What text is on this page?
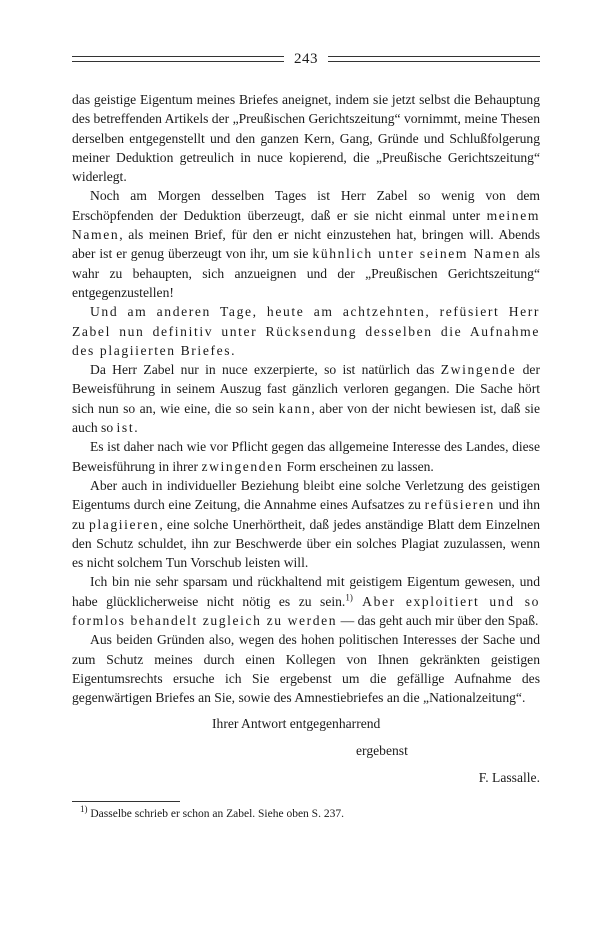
243

das geistige Eigentum meines Briefes aneignet, indem sie jetzt selbst die Behauptung des betreffenden Artikels der „Preußischen Gerichtszeitung“ vornimmt, meine Thesen derselben entgegenstellt und den ganzen Kern, Gang, Gründe und Schlußfolgerung meiner Deduktion getreulich in nuce kopierend, die „Preußische Gerichtszeitung“ widerlegt.

Noch am Morgen desselben Tages ist Herr Zabel so wenig von dem Erschöpfenden der Deduktion überzeugt, daß er sie nicht einmal unter meinem Namen, als meinen Brief, für den er nicht einzustehen hat, bringen will. Abends aber ist er genug überzeugt von ihr, um sie kühnlich unter seinem Namen als wahr zu behaupten, sich anzueignen und der „Preußischen Gerichtszeitung“ entgegenzustellen!

Und am anderen Tage, heute am achtzehnten, refüsiert Herr Zabel nun definitiv unter Rücksendung desselben die Aufnahme des plagiierten Briefes.

Da Herr Zabel nur in nuce exzerpierte, so ist natürlich das Zwingende der Beweisführung in seinem Auszug fast gänzlich verloren gegangen. Die Sache hört sich nun so an, wie eine, die so sein kann, aber von der nicht bewiesen ist, daß sie auch so ist.

Es ist daher nach wie vor Pflicht gegen das allgemeine Interesse des Landes, diese Beweisführung in ihrer zwingenden Form erscheinen zu lassen.

Aber auch in individueller Beziehung bleibt eine solche Verletzung des geistigen Eigentums durch eine Zeitung, die Annahme eines Aufsatzes zu refüsieren und ihn zu plagiieren, eine solche Unerhörtheit, daß jedes anständige Blatt dem Einzelnen den Schutz schuldet, ihn zur Beschwerde über ein solches Plagiat zuzulassen, wenn es nicht solchem Tun Vorschub leisten will.

Ich bin nie sehr sparsam und rückhaltend mit geistigem Eigentum gewesen, und habe glücklicherweise nicht nötig es zu sein.$^{1)}$ Aber exploitiert und so formlos behandelt zugleich zu werden — das geht auch mir über den Spaß.

Aus beiden Gründen also, wegen des hohen politischen Interesses der Sache und zum Schutz meines durch einen Kollegen von Ihnen gekränkten geistigen Eigentumsrechts ersuche ich Sie ergebenst um die gefällige Aufnahme des gegenwärtigen Briefes an Sie, sowie des Amnestiebriefes an die „Nationalzeitung“.

Ihrer Antwort entgegenharrend
ergebenst
F. Lassalle.
$^{1)}$ Dasselbe schrieb er schon an Zabel. Siehe oben S. 237.
